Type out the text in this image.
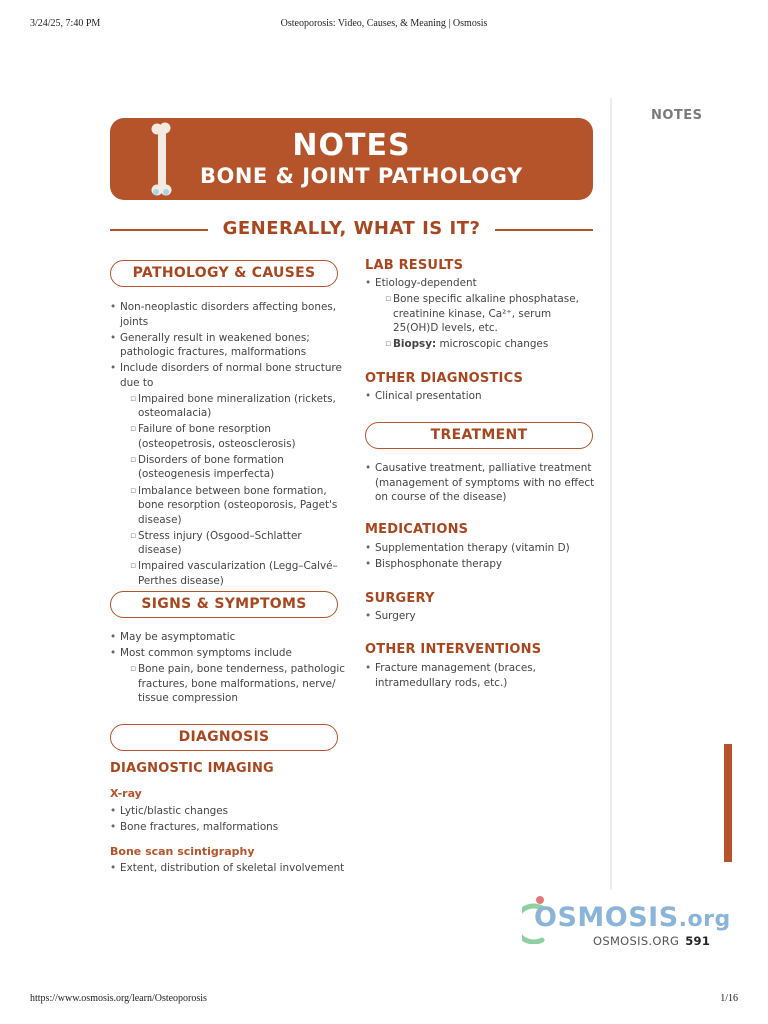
3/24/25, 7:40 PM	Osteoporosis: Video, Causes, & Meaning | Osmosis
https://www.osmosis.org/learn/Osteoporosis	1/16
NOTES
NOTES
BONE & JOINT PATHOLOGY
GENERALLY, WHAT IS IT?
PATHOLOGY & CAUSES
• Non-neoplastic disorders affecting bones, joints
• Generally result in weakened bones; pathologic fractures, malformations
• Include disorders of normal bone structure due to
▫ Impaired bone mineralization (rickets, osteomalacia)
▫ Failure of bone resorption (osteopetrosis, osteosclerosis)
▫ Disorders of bone formation (osteogenesis imperfecta)
▫ Imbalance between bone formation, bone resorption (osteoporosis, Paget's disease)
▫ Stress injury (Osgood–Schlatter disease)
▫ Impaired vascularization (Legg–Calvé–Perthes disease)
SIGNS & SYMPTOMS
• May be asymptomatic
• Most common symptoms include
▫ Bone pain, bone tenderness, pathologic fractures, bone malformations, nerve/ tissue compression
DIAGNOSIS
DIAGNOSTIC IMAGING
X-ray
• Lytic/blastic changes
• Bone fractures, malformations
Bone scan scintigraphy
• Extent, distribution of skeletal involvement
LAB RESULTS
• Etiology-dependent
▫ Bone specific alkaline phosphatase, creatinine kinase, Ca²⁺, serum 25(OH)D levels, etc.
▫ Biopsy: microscopic changes
OTHER DIAGNOSTICS
• Clinical presentation
TREATMENT
• Causative treatment, palliative treatment (management of symptoms with no effect on course of the disease)
MEDICATIONS
• Supplementation therapy (vitamin D)
• Bisphosphonate therapy
SURGERY
• Surgery
OTHER INTERVENTIONS
• Fracture management (braces, intramedullary rods, etc.)
OSMOSIS.org
OSMOSIS.ORG 591
